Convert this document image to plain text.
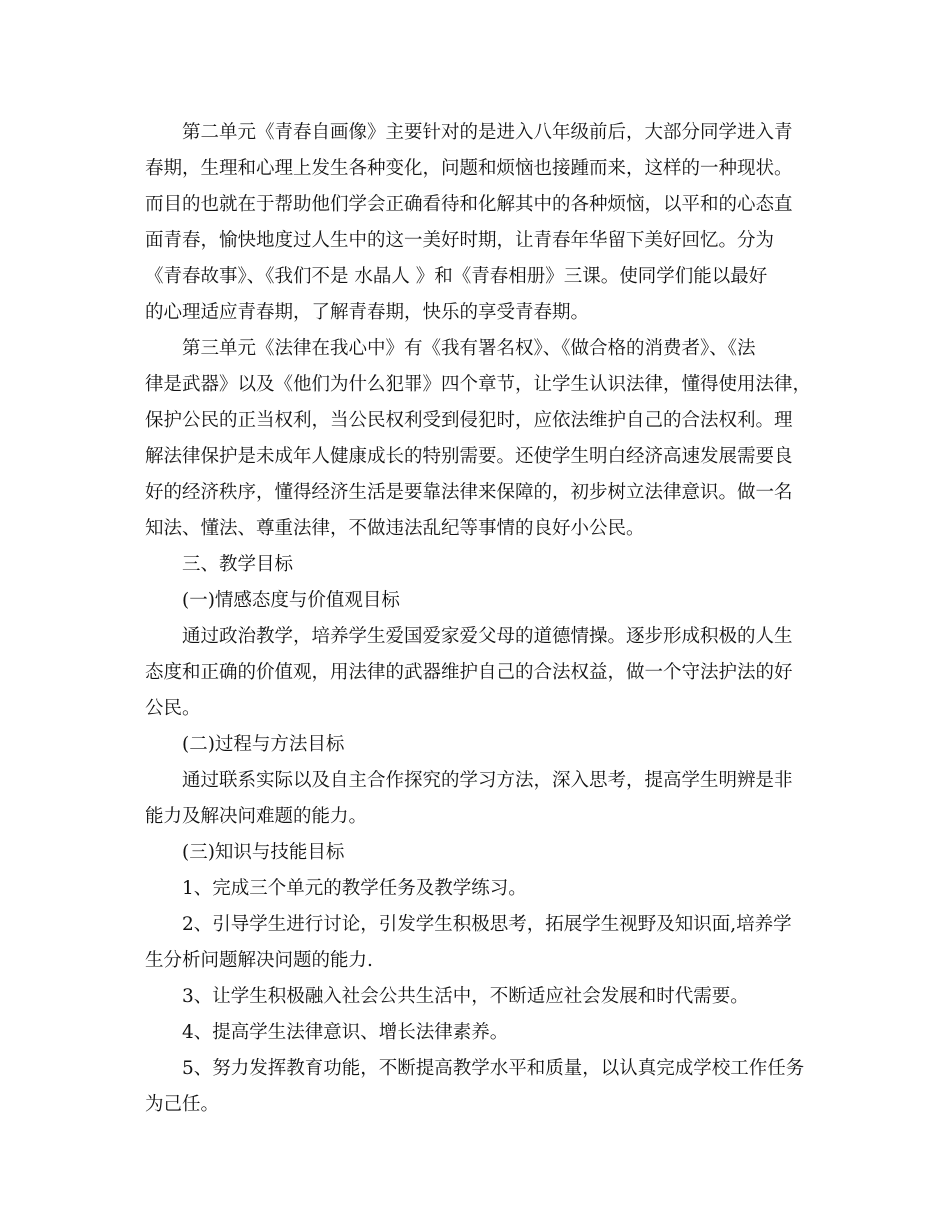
第二单元《青春自画像》主要针对的是进入八年级前后，大部分同学进入青
春期，生理和心理上发生各种变化，问题和烦恼也接踵而来，这样的一种现状。
而目的也就在于帮助他们学会正确看待和化解其中的各种烦恼，以平和的心态直
面青春，愉快地度过人生中的这一美好时期，让青春年华留下美好回忆。分为
《青春故事》、《我们不是 水晶人 》和《青春相册》三课。使同学们能以最好
的心理适应青春期，了解青春期，快乐的享受青春期。
第三单元《法律在我心中》有《我有署名权》、《做合格的消费者》、《法
律是武器》以及《他们为什么犯罪》四个章节，让学生认识法律，懂得使用法律，
保护公民的正当权利，当公民权利受到侵犯时，应依法维护自己的合法权利。理
解法律保护是未成年人健康成长的特别需要。还使学生明白经济高速发展需要良
好的经济秩序，懂得经济生活是要靠法律来保障的，初步树立法律意识。做一名
知法、懂法、尊重法律，不做违法乱纪等事情的良好小公民。
三、教学目标
(一)情感态度与价值观目标
通过政治教学，培养学生爱国爱家爱父母的道德情操。逐步形成积极的人生
态度和正确的价值观，用法律的武器维护自己的合法权益，做一个守法护法的好
公民。
(二)过程与方法目标
通过联系实际以及自主合作探究的学习方法，深入思考，提高学生明辨是非
能力及解决问难题的能力。
(三)知识与技能目标
1、完成三个单元的教学任务及教学练习。
2、引导学生进行讨论，引发学生积极思考，拓展学生视野及知识面,培养学
生分析问题解决问题的能力.
3、让学生积极融入社会公共生活中，不断适应社会发展和时代需要。
4、提高学生法律意识、增长法律素养。
5、努力发挥教育功能，不断提高教学水平和质量，以认真完成学校工作任务
为己任。
